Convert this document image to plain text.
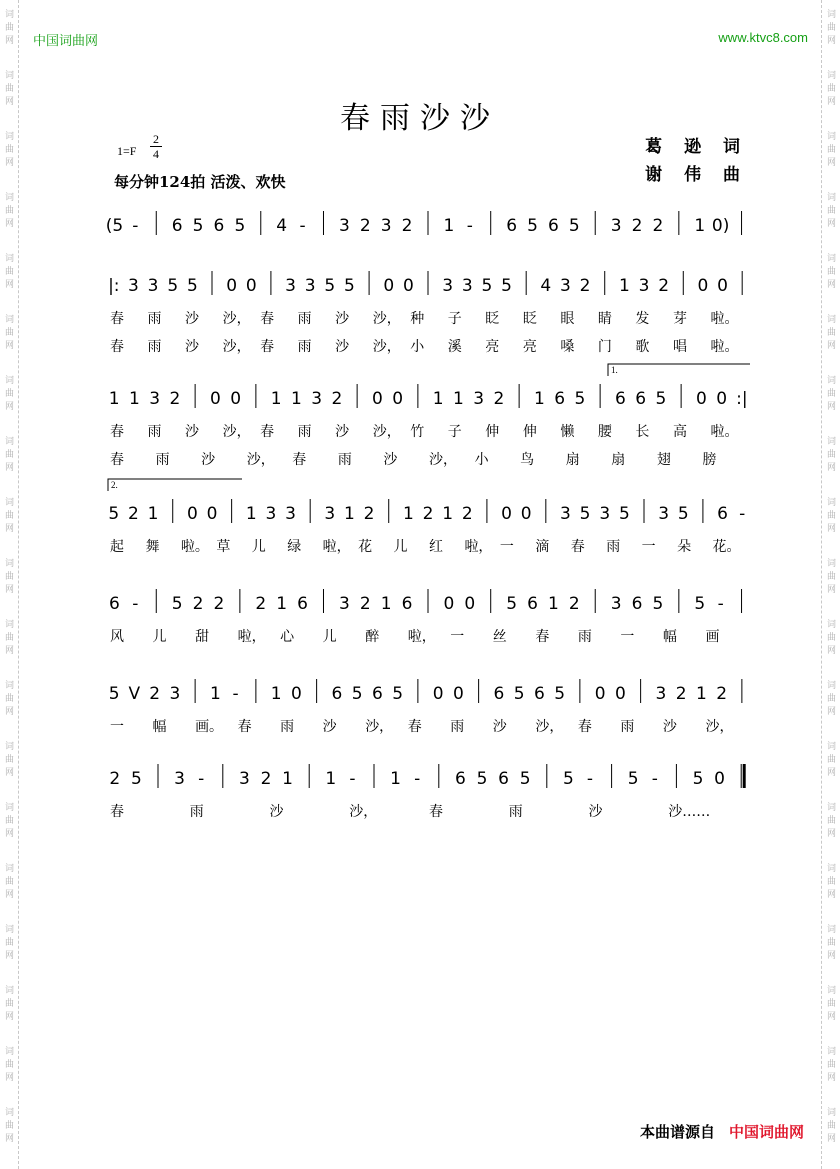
词
曲
网
词
曲
网
词
曲
网
词
曲
网
词
曲
网
词
曲
网
词
曲
网
词
曲
网
词
曲
网
词
曲
网
词
曲
网
词
曲
网
词
曲
网
词
曲
网
词
曲
网
词
曲
网
词
曲
网
词
曲
网
词
曲
网
词
曲
网
词
曲
网
词
曲
网
词
曲
网
词
曲
网
词
曲
网
词
曲
网
词
曲
网
词
曲
网
词
曲
网
词
曲
网
词
曲
网
词
曲
网
词
曲
网
词
曲
网
词
曲
网
词
曲
网
词
曲
网
词
曲
网
中国词曲网	www.ktvc8.com
春雨沙沙
$1=F \frac{2}{4}$
每分钟124拍 活泼、欢快
葛 逊 词
谢 伟 曲
(5 - 6 5 6 5 4 - 3 2 3 2 1 - 6 5 6 5 3 2 2 1 0)
|: 3 3 5 5 0 0 3 3 5 5 0 0 3 3 5 5 4 3 2 1 3 2 0 0
春 雨 沙 沙， 春 雨 沙 沙， 种 子 眨 眨 眼 睛 发 芽 啦。
春 雨 沙 沙， 春 雨 沙 沙， 小 溪 亮 亮 嗓 门 歌 唱 啦。
1 1 3 2 0 0 1 1 3 2 0 0 1 1 3 2 1 6 5 6 6 5 0 0 :|
1.
春 雨 沙 沙， 春 雨 沙 沙， 竹 子 伸 伸 懒 腰 长 高 啦。
春 雨 沙 沙， 春 雨 沙 沙， 小 鸟 扇 扇 翅 膀
5 2 1 0 0 1 3 3 3 1 2 1 2 1 2 0 0 3 5 3 5 3 5 6 -
2.
起 舞 啦。 草 儿 绿 啦， 花 儿 红 啦， 一 滴 春 雨 一 朵 花。
6 - 5 2 2 2 1 6 3 2 1 6 0 0 5 6 1 2 3 6 5 5 -
风 儿 甜 啦， 心 儿 醉 啦， 一 丝 春 雨 一 幅 画
5 V 2 3 1 - 1 0 6 5 6 5 0 0 6 5 6 5 0 0 3 2 1 2
一 幅 画。 春 雨 沙 沙， 春 雨 沙 沙， 春 雨 沙 沙，
2 5 3 - 3 2 1 1 - 1 - 6 5 6 5 5 - 5 - 5 0
春	雨	沙	沙，	春	雨	沙	沙……
本曲谱源自 中国词曲网
